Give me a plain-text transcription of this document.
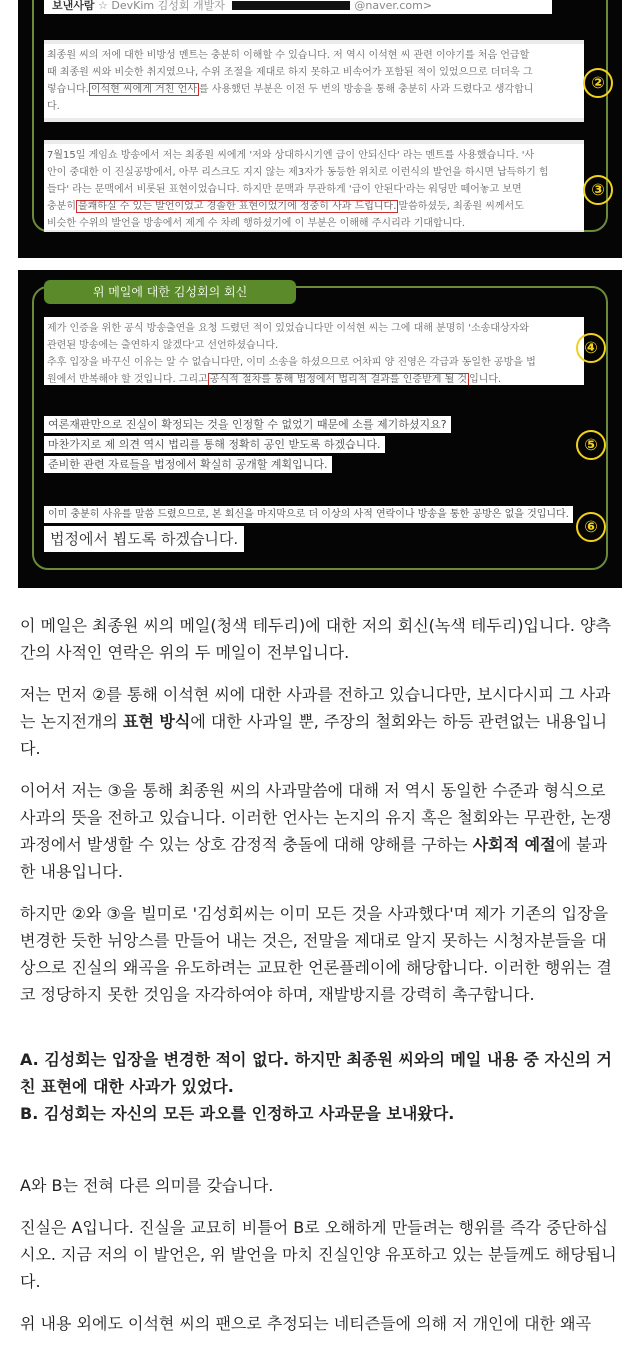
보낸사람 ☆ DevKim 김성회 개발자	@naver.com>
최종원 씨의 저에 대한 비방성 멘트는 충분히 이해할 수 있습니다. 저 역시 이석현 씨 관련 이야기를 처음 언급할
때 최종원 씨와 비슷한 취지였으나, 수위 조절을 제대로 하지 못하고 비속어가 포함된 적이 있었으므로 더더욱 그
렇습니다. 이석현 씨에게 거친 언사 를 사용했던 부분은 이전 두 번의 방송을 통해 충분히 사과 드렸다고 생각합니
다.
②
7월15일 게임쇼 방송에서 저는 최종원 씨에게 '저와 상대하시기엔 급이 안되신다' 라는 멘트를 사용했습니다. '사
안이 중대한 이 진실공방에서, 아무 리스크도 지지 않는 제3자가 동등한 위치로 이런식의 발언을 하시면 납득하기 힘
들다' 라는 문맥에서 비롯된 표현이었습니다. 하지만 문맥과 무관하게 '급이 안된다'라는 워딩만 떼어놓고 보면
충분히 불쾌하실 수 있는 발언이었고 경솔한 표현이었기에 정중히 사과 드립니다. 말씀하셨듯, 최종원 씨께서도
비슷한 수위의 발언을 방송에서 제게 수 차례 행하셨기에 이 부분은 이해해 주시리라 기대합니다.
③
위 메일에 대한 김성회의 회신
제가 인증을 위한 공식 방송출연을 요청 드렸던 적이 있었습니다만 이석현 씨는 그에 대해 분명히 '소송대상자와
관련된 방송에는 출연하지 않겠다'고 선언하셨습니다.
추후 입장을 바꾸신 이유는 알 수 없습니다만, 이미 소송을 하셨으므로 어차피 양 진영은 각급과 동일한 공방을 법
원에서 반복해야 할 것입니다. 그리고 공식적 절차를 통해 법정에서 법리적 결과를 인증받게 될 것 입니다.
④
여론재판만으로 진실이 확정되는 것을 인정할 수 없었기 때문에 소를 제기하셨지요?
마찬가지로 제 의견 역시 법리를 통해 정확히 공인 받도록 하겠습니다.
준비한 관련 자료들을 법정에서 확실히 공개할 계획입니다.
⑤
이미 충분히 사유를 말씀 드렸으므로, 본 회신을 마지막으로 더 이상의 사적 연락이나 방송을 통한 공방은 없을 것입니다.
법정에서 뵙도록 하겠습니다.
⑥

이 메일은 최종원 씨의 메일(청색 테두리)에 대한 저의 회신(녹색 테두리)입니다. 양측 간의 사적인 연락은 위의 두 메일이 전부입니다.

저는 먼저 ②를 통해 이석현 씨에 대한 사과를 전하고 있습니다만, 보시다시피 그 사과는 논지전개의 표현 방식에 대한 사과일 뿐, 주장의 철회와는 하등 관련없는 내용입니다.

이어서 저는 ③을 통해 최종원 씨의 사과말씀에 대해 저 역시 동일한 수준과 형식으로 사과의 뜻을 전하고 있습니다. 이러한 언사는 논지의 유지 혹은 철회와는 무관한, 논쟁 과정에서 발생할 수 있는 상호 감정적 충돌에 대해 양해를 구하는 사회적 예절에 불과한 내용입니다.

하지만 ②와 ③을 빌미로 '김성회씨는 이미 모든 것을 사과했다'며 제가 기존의 입장을 변경한 듯한 뉘앙스를 만들어 내는 것은, 전말을 제대로 알지 못하는 시청자분들을 대상으로 진실의 왜곡을 유도하려는 교묘한 언론플레이에 해당합니다. 이러한 행위는 결코 정당하지 못한 것임을 자각하여야 하며, 재발방지를 강력히 촉구합니다.

A. 김성회는 입장을 변경한 적이 없다. 하지만 최종원 씨와의 메일 내용 중 자신의 거친 표현에 대한 사과가 있었다.
B. 김성회는 자신의 모든 과오를 인정하고 사과문을 보내왔다.

A와 B는 전혀 다른 의미를 갖습니다.

진실은 A입니다. 진실을 교묘히 비틀어 B로 오해하게 만들려는 행위를 즉각 중단하십시오. 지금 저의 이 발언은, 위 발언을 마치 진실인양 유포하고 있는 분들께도 해당됩니다.

위 내용 외에도 이석현 씨의 팬으로 추정되는 네티즌들에 의해 저 개인에 대한 왜곡
